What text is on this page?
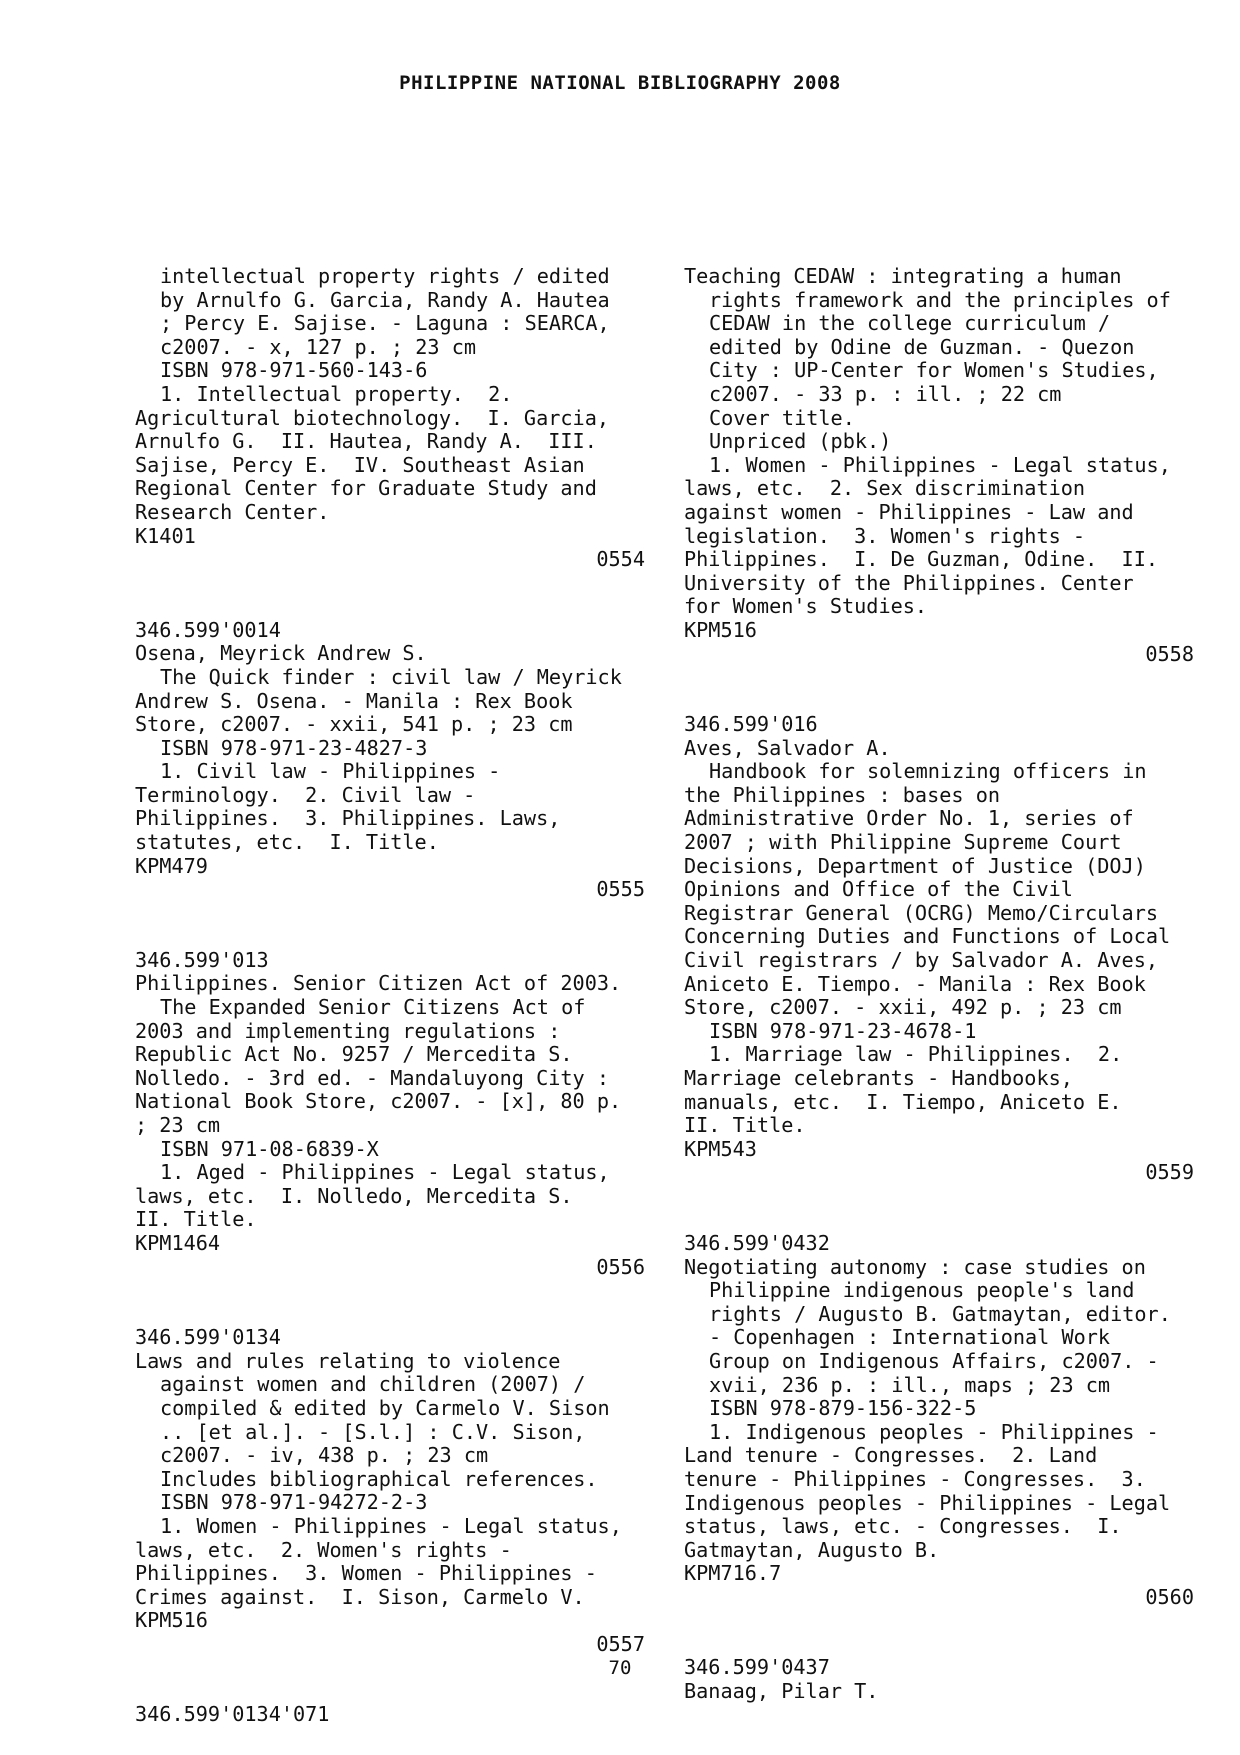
PHILIPPINE NATIONAL BIBLIOGRAPHY 2008
intellectual property rights / edited
by Arnulfo G. Garcia, Randy A. Hautea
; Percy E. Sajise. - Laguna : SEARCA,
c2007. - x, 127 p. ; 23 cm
ISBN 978-971-560-143-6
1. Intellectual property.  2.
Agricultural biotechnology.  I. Garcia,
Arnulfo G.  II. Hautea, Randy A.  III.
Sajise, Percy E.  IV. Southeast Asian
Regional Center for Graduate Study and
Research Center.
K1401
0554
346.599'0014
Osena, Meyrick Andrew S.
The Quick finder : civil law / Meyrick
Andrew S. Osena. - Manila : Rex Book
Store, c2007. - xxii, 541 p. ; 23 cm
ISBN 978-971-23-4827-3
1. Civil law - Philippines -
Terminology.  2. Civil law -
Philippines.  3. Philippines. Laws,
statutes, etc.  I. Title.
KPM479
0555
346.599'013
Philippines. Senior Citizen Act of 2003.
The Expanded Senior Citizens Act of
2003 and implementing regulations :
Republic Act No. 9257 / Mercedita S.
Nolledo. - 3rd ed. - Mandaluyong City :
National Book Store, c2007. - [x], 80 p.
; 23 cm
ISBN 971-08-6839-X
1. Aged - Philippines - Legal status,
laws, etc.  I. Nolledo, Mercedita S.
II. Title.
KPM1464
0556
346.599'0134
Laws and rules relating to violence
against women and children (2007) /
compiled & edited by Carmelo V. Sison
.. [et al.]. - [S.l.] : C.V. Sison,
c2007. - iv, 438 p. ; 23 cm
Includes bibliographical references.
ISBN 978-971-94272-2-3
1. Women - Philippines - Legal status,
laws, etc.  2. Women's rights -
Philippines.  3. Women - Philippines -
Crimes against.  I. Sison, Carmelo V.
KPM516
0557
346.599'0134'071
Teaching CEDAW : integrating a human
rights framework and the principles of
CEDAW in the college curriculum /
edited by Odine de Guzman. - Quezon
City : UP-Center for Women's Studies,
c2007. - 33 p. : ill. ; 22 cm
Cover title.
Unpriced (pbk.)
1. Women - Philippines - Legal status,
laws, etc.  2. Sex discrimination
against women - Philippines - Law and
legislation.  3. Women's rights -
Philippines.  I. De Guzman, Odine.  II.
University of the Philippines. Center
for Women's Studies.
KPM516
0558
346.599'016
Aves, Salvador A.
Handbook for solemnizing officers in
the Philippines : bases on
Administrative Order No. 1, series of
2007 ; with Philippine Supreme Court
Decisions, Department of Justice (DOJ)
Opinions and Office of the Civil
Registrar General (OCRG) Memo/Circulars
Concerning Duties and Functions of Local
Civil registrars / by Salvador A. Aves,
Aniceto E. Tiempo. - Manila : Rex Book
Store, c2007. - xxii, 492 p. ; 23 cm
ISBN 978-971-23-4678-1
1. Marriage law - Philippines.  2.
Marriage celebrants - Handbooks,
manuals, etc.  I. Tiempo, Aniceto E.
II. Title.
KPM543
0559
346.599'0432
Negotiating autonomy : case studies on
Philippine indigenous people's land
rights / Augusto B. Gatmaytan, editor.
- Copenhagen : International Work
Group on Indigenous Affairs, c2007. -
xvii, 236 p. : ill., maps ; 23 cm
ISBN 978-879-156-322-5
1. Indigenous peoples - Philippines -
Land tenure - Congresses.  2. Land
tenure - Philippines - Congresses.  3.
Indigenous peoples - Philippines - Legal
status, laws, etc. - Congresses.  I.
Gatmaytan, Augusto B.
KPM716.7
0560
346.599'0437
Banaag, Pilar T.
70
